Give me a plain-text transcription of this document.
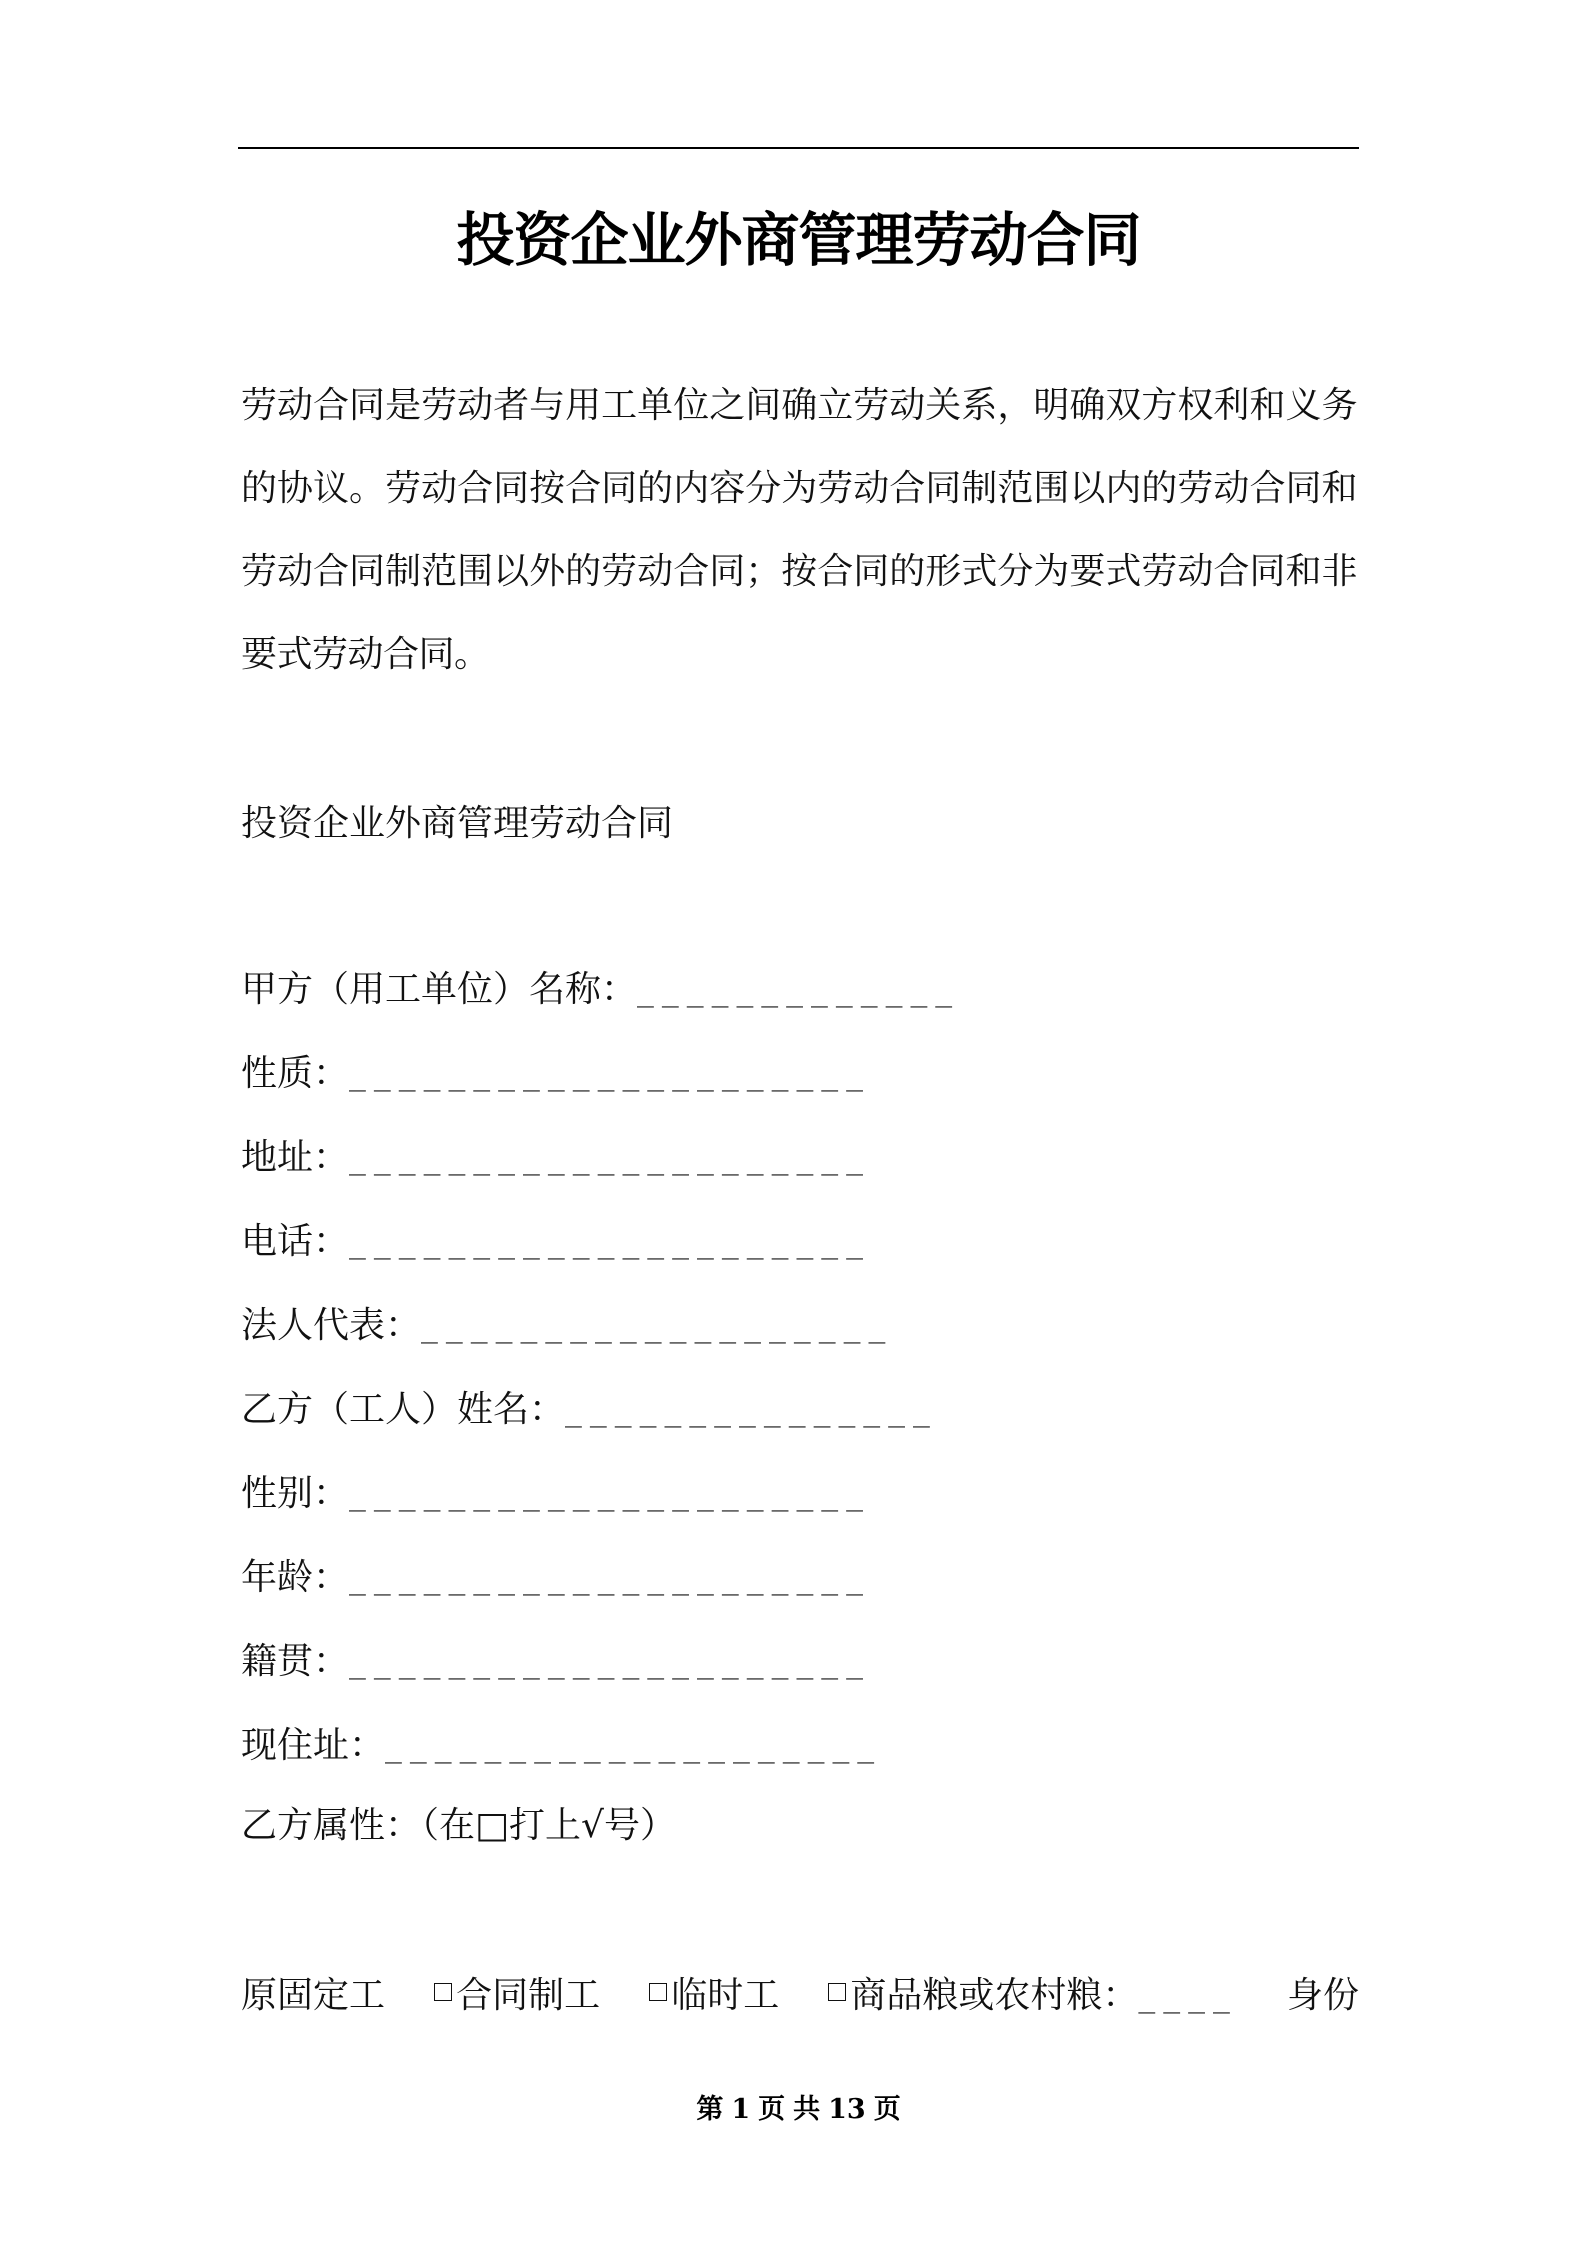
投资企业外商管理劳动合同

劳动合同是劳动者与用工单位之间确立劳动关系，明确双方权利和义务的协议。劳动合同按合同的内容分为劳动合同制范围以内的劳动合同和劳动合同制范围以外的劳动合同；按合同的形式分为要式劳动合同和非要式劳动合同。

投资企业外商管理劳动合同

甲方（用工单位）名称： _____________
性质： _____________________
地址： _____________________
电话： _____________________
法人代表： ___________________
乙方（工人）姓名： _______________
性别： _____________________
年龄： _____________________
籍贯： _____________________
现住址： ____________________

乙方属性：（在□打上√号）

原固定工 合同制工 临时工 商品粮或农村粮： ____ 身份
第 1 页 共 13 页
